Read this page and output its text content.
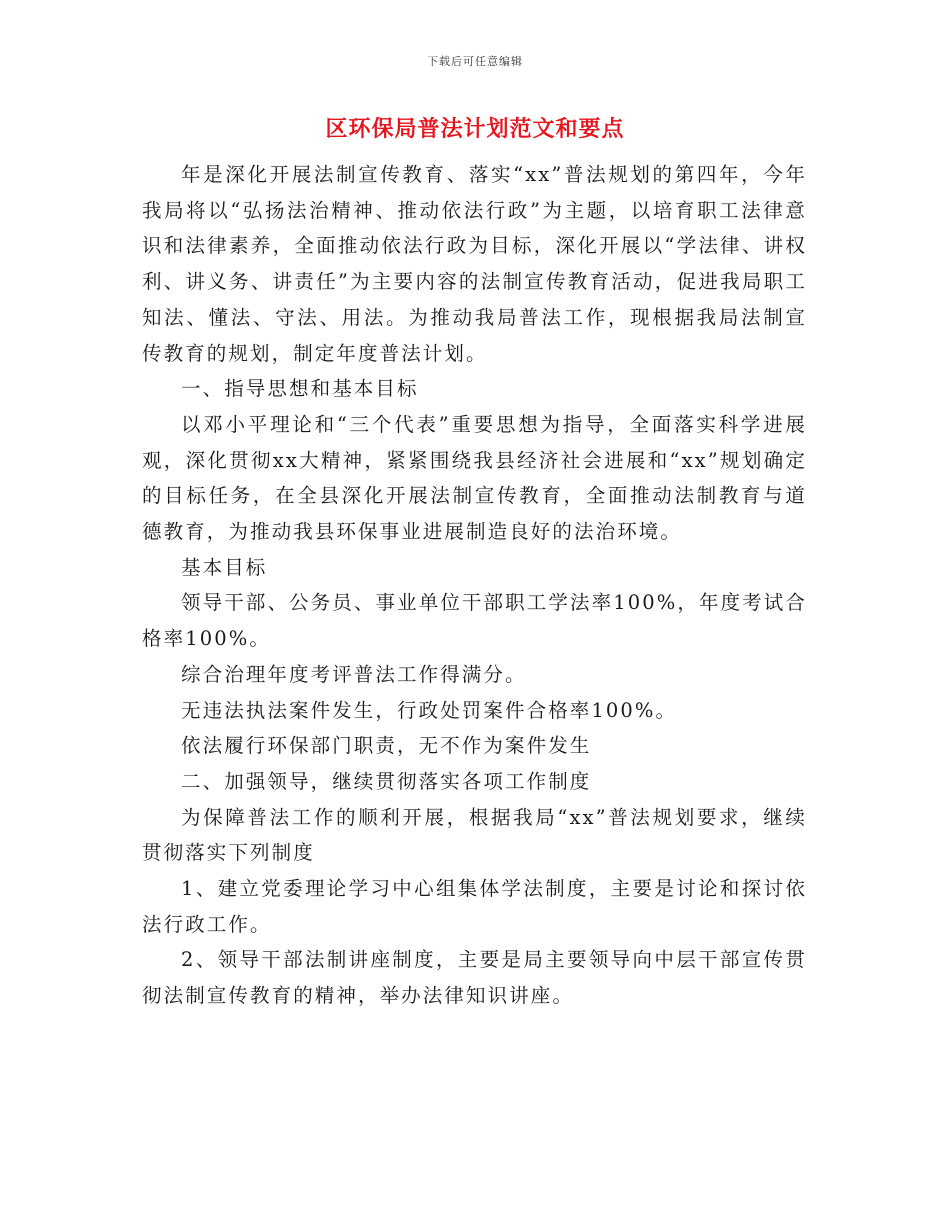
下载后可任意编辑
区环保局普法计划范文和要点

年是深化开展法制宣传教育、落实“xx”普法规划的第四年，今年我局将以“弘扬法治精神、推动依法行政”为主题，以培育职工法律意识和法律素养，全面推动依法行政为目标，深化开展以“学法律、讲权利、讲义务、讲责任”为主要内容的法制宣传教育活动，促进我局职工知法、懂法、守法、用法。为推动我局普法工作，现根据我局法制宣传教育的规划，制定年度普法计划。

一、指导思想和基本目标

以邓小平理论和“三个代表”重要思想为指导，全面落实科学进展观，深化贯彻xx大精神，紧紧围绕我县经济社会进展和“xx”规划确定的目标任务，在全县深化开展法制宣传教育，全面推动法制教育与道德教育，为推动我县环保事业进展制造良好的法治环境。

基本目标

领导干部、公务员、事业单位干部职工学法率100%，年度考试合格率100%。

综合治理年度考评普法工作得满分。

无违法执法案件发生，行政处罚案件合格率100%。

依法履行环保部门职责，无不作为案件发生

二、加强领导，继续贯彻落实各项工作制度

为保障普法工作的顺利开展，根据我局“xx”普法规划要求，继续贯彻落实下列制度

1、建立党委理论学习中心组集体学法制度，主要是讨论和探讨依法行政工作。

2、领导干部法制讲座制度，主要是局主要领导向中层干部宣传贯彻法制宣传教育的精神，举办法律知识讲座。
